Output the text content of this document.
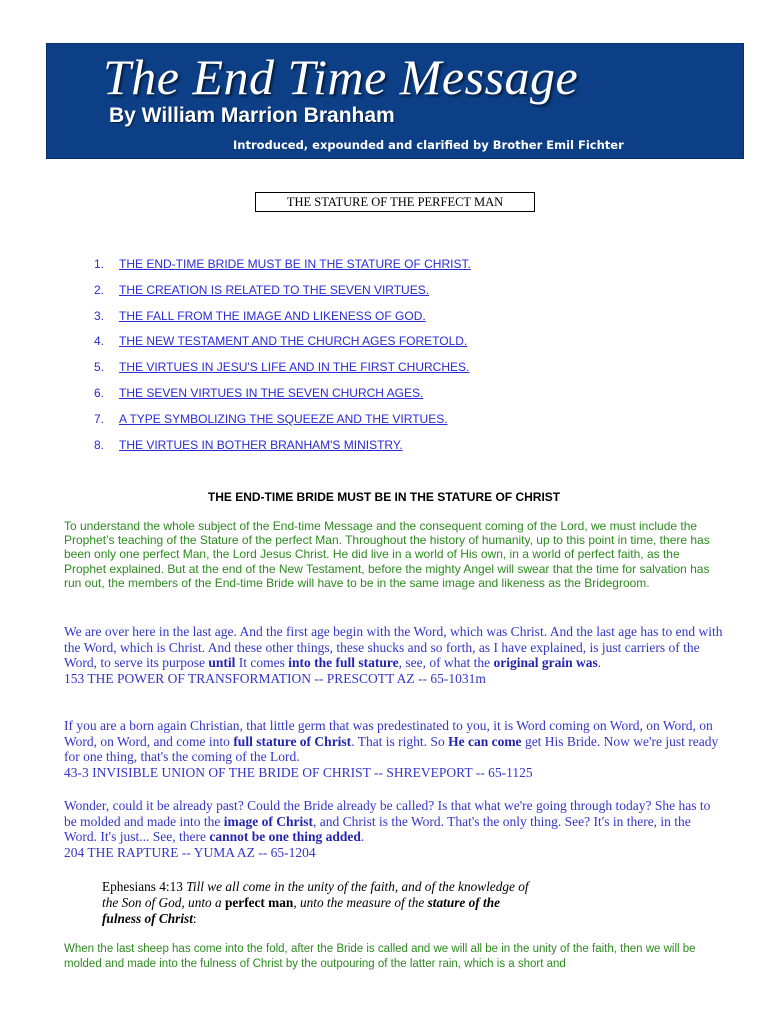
The End Time Message
By William Marrion Branham
Introduced, expounded and clarified by Brother Emil Fichter
THE STATURE OF THE PERFECT MAN
1. THE END-TIME BRIDE MUST BE IN THE STATURE OF CHRIST.
2. THE CREATION IS RELATED TO THE SEVEN VIRTUES.
3. THE FALL FROM THE IMAGE AND LIKENESS OF GOD.
4. THE NEW TESTAMENT AND THE CHURCH AGES FORETOLD.
5. THE VIRTUES IN JESU'S LIFE AND IN THE FIRST CHURCHES.
6. THE SEVEN VIRTUES IN THE SEVEN CHURCH AGES.
7. A TYPE SYMBOLIZING THE SQUEEZE AND THE VIRTUES.
8. THE VIRTUES IN BOTHER BRANHAM'S MINISTRY.
THE END-TIME BRIDE MUST BE IN THE STATURE OF CHRIST

To understand the whole subject of the End-time Message and the consequent coming of the Lord, we must include the Prophet’s teaching of the Stature of the perfect Man. Throughout the history of humanity, up to this point in time, there has been only one perfect Man, the Lord Jesus Christ. He did live in a world of His own, in a world of perfect faith, as the Prophet explained. But at the end of the New Testament, before the mighty Angel will swear that the time for salvation has run out, the members of the End-time Bride will have to be in the same image and likeness as the Bridegroom.

We are over here in the last age. And the first age begin with the Word, which was Christ. And the last age has to end with the Word, which is Christ. And these other things, these shucks and so forth, as I have explained, is just carriers of the Word, to serve its purpose until It comes into the full stature, see, of what the original grain was.
153 THE POWER OF TRANSFORMATION -- PRESCOTT AZ -- 65-1031m

If you are a born again Christian, that little germ that was predestinated to you, it is Word coming on Word, on Word, on Word, on Word, and come into full stature of Christ. That is right. So He can come get His Bride. Now we're just ready for one thing, that's the coming of the Lord.
43-3 INVISIBLE UNION OF THE BRIDE OF CHRIST -- SHREVEPORT -- 65-1125

Wonder, could it be already past? Could the Bride already be called? Is that what we're going through today? She has to be molded and made into the image of Christ, and Christ is the Word. That's the only thing. See? It's in there, in the Word. It's just... See, there cannot be one thing added.
204 THE RAPTURE -- YUMA AZ -- 65-1204

Ephesians 4:13 Till we all come in the unity of the faith, and of the knowledge of the Son of God, unto a perfect man, unto the measure of the stature of the fulness of Christ:

When the last sheep has come into the fold, after the Bride is called and we will all be in the unity of the faith, then we will be molded and made into the fulness of Christ by the outpouring of the latter rain, which is a short and
